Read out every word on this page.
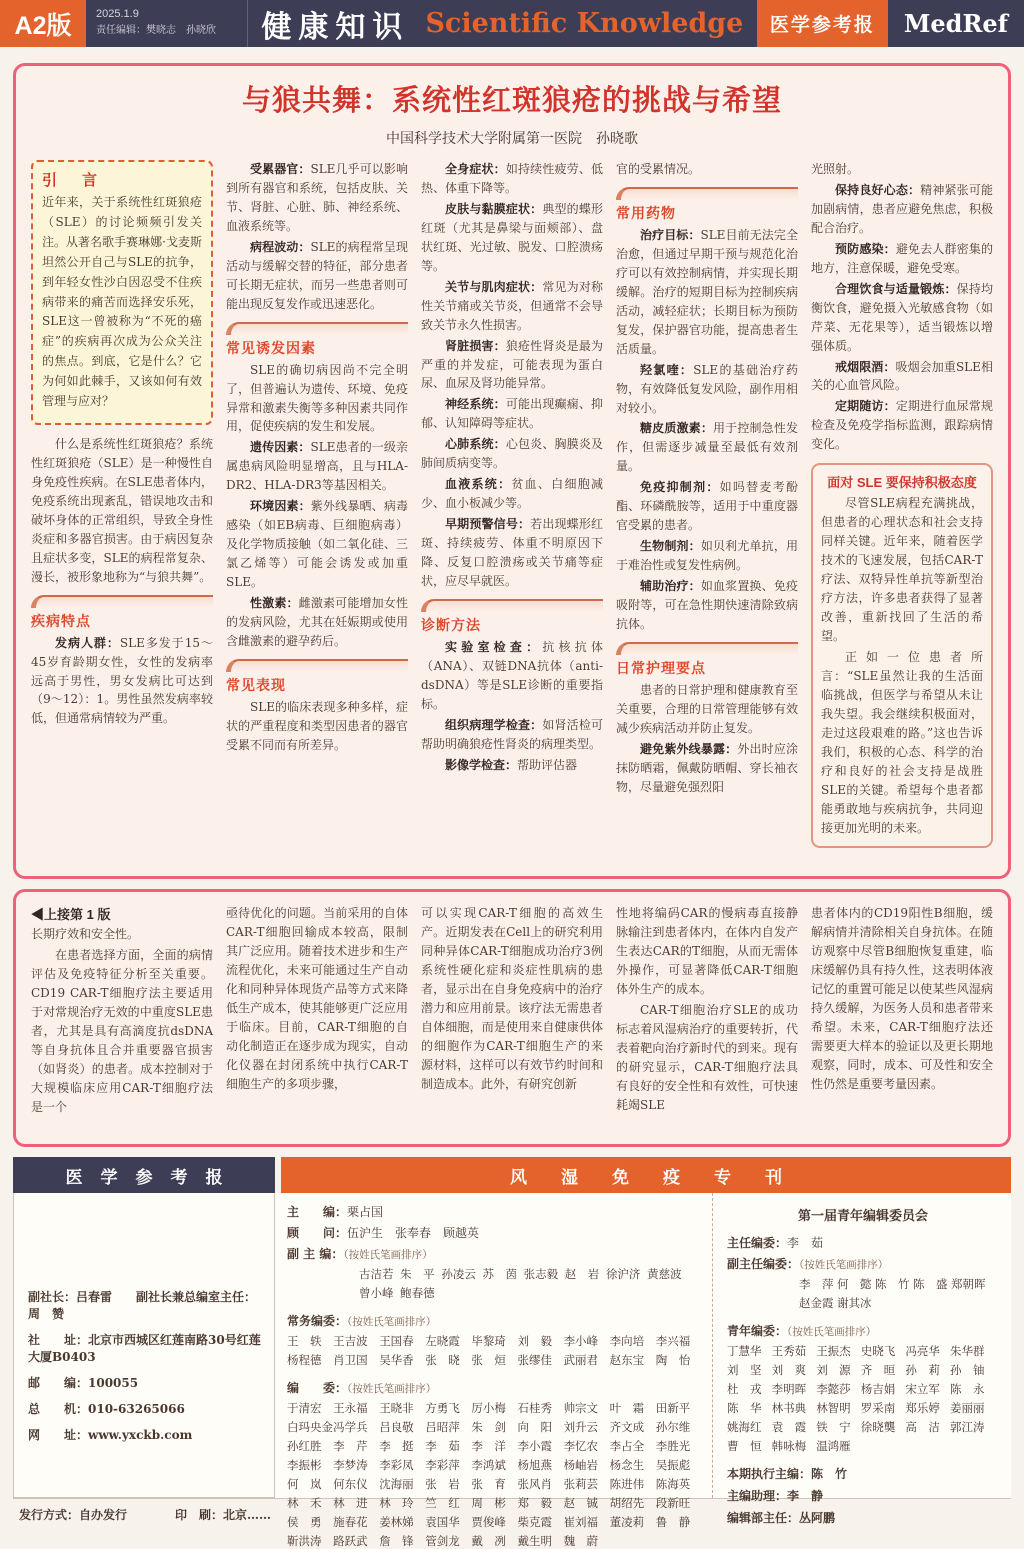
A2版	2025.1.9
责任编辑：樊晓志　孙晓欣	健康知识 Scientific Knowledge	医学参考报	MedRef
与狼共舞：系统性红斑狼疮的挑战与希望
中国科学技术大学附属第一医院　孙晓歌
引　言

近年来，关于系统性红斑狼疮（SLE）的讨论频频引发关注。从著名歌手赛琳娜·戈麦斯坦然公开自己与SLE的抗争，到年轻女性沙白因忍受不住疾病带来的痛苦而选择安乐死，SLE这一曾被称为“不死的癌症”的疾病再次成为公众关注的焦点。到底，它是什么？它为何如此棘手，又该如何有效管理与应对？

什么是系统性红斑狼疮？系统性红斑狼疮（SLE）是一种慢性自身免疫性疾病。在SLE患者体内，免疫系统出现紊乱，错误地攻击和破坏身体的正常组织，导致全身性炎症和多器官损害。由于病因复杂且症状多变，SLE的病程常复杂、漫长，被形象地称为“与狼共舞”。

疾病特点

发病人群：SLE多发于15～45岁育龄期女性，女性的发病率远高于男性，男女发病比可达到（9～12）：1。男性虽然发病率较低，但通常病情较为严重。

受累器官：SLE几乎可以影响到所有器官和系统，包括皮肤、关节、肾脏、心脏、肺、神经系统、血液系统等。

病程波动：SLE的病程常呈现活动与缓解交替的特征，部分患者可长期无症状，而另一些患者则可能出现反复发作或迅速恶化。

常见诱发因素

SLE的确切病因尚不完全明了，但普遍认为遗传、环境、免疫异常和激素失衡等多种因素共同作用，促使疾病的发生和发展。

遗传因素：SLE患者的一级亲属患病风险明显增高，且与HLA-DR2、HLA-DR3等基因相关。

环境因素：紫外线暴晒、病毒感染（如EB病毒、巨细胞病毒）及化学物质接触（如二氧化硅、三氯乙烯等）可能会诱发或加重SLE。

性激素：雌激素可能增加女性的发病风险，尤其在妊娠期或使用含雌激素的避孕药后。

常见表现

SLE的临床表现多种多样，症状的严重程度和类型因患者的器官受累不同而有所差异。

全身症状：如持续性疲劳、低热、体重下降等。

皮肤与黏膜症状：典型的蝶形红斑（尤其是鼻梁与面颊部）、盘状红斑、光过敏、脱发、口腔溃疡等。

关节与肌肉症状：常见为对称性关节痛或关节炎，但通常不会导致关节永久性损害。

肾脏损害：狼疮性肾炎是最为严重的并发症，可能表现为蛋白尿、血尿及肾功能异常。

神经系统：可能出现癫痫、抑郁、认知障碍等症状。

心肺系统：心包炎、胸膜炎及肺间质病变等。

血液系统：贫血、白细胞减少、血小板减少等。

早期预警信号：若出现蝶形红斑、持续疲劳、体重不明原因下降、反复口腔溃疡或关节痛等症状，应尽早就医。

诊断方法

实验室检查：抗核抗体（ANA）、双链DNA抗体（anti-dsDNA）等是SLE诊断的重要指标。

组织病理学检查：如肾活检可帮助明确狼疮性肾炎的病理类型。

影像学检查：帮助评估器

官的受累情况。

常用药物

治疗目标：SLE目前无法完全治愈，但通过早期干预与规范化治疗可以有效控制病情，并实现长期缓解。治疗的短期目标为控制疾病活动，减轻症状；长期目标为预防复发，保护器官功能，提高患者生活质量。

羟氯喹：SLE的基础治疗药物，有效降低复发风险，副作用相对较小。

糖皮质激素：用于控制急性发作，但需逐步减量至最低有效剂量。

免疫抑制剂：如吗替麦考酚酯、环磷酰胺等，适用于中重度器官受累的患者。

生物制剂：如贝利尤单抗，用于难治性或复发性病例。

辅助治疗：如血浆置换、免疫吸附等，可在急性期快速清除致病抗体。

日常护理要点

患者的日常护理和健康教育至关重要，合理的日常管理能够有效减少疾病活动并防止复发。

避免紫外线暴露：外出时应涂抹防晒霜，佩戴防晒帽、穿长袖衣物，尽量避免强烈阳

光照射。

保持良好心态：精神紧张可能加剧病情，患者应避免焦虑，积极配合治疗。

预防感染：避免去人群密集的地方，注意保暖，避免受寒。

合理饮食与适量锻炼：保持均衡饮食，避免摄入光敏感食物（如芹菜、无花果等），适当锻炼以增强体质。

戒烟限酒：吸烟会加重SLE相关的心血管风险。

定期随访：定期进行血尿常规检查及免疫学指标监测，跟踪病情变化。

面对 SLE 要保持积极态度

尽管SLE病程充满挑战，但患者的心理状态和社会支持同样关键。近年来，随着医学技术的飞速发展，包括CAR-T疗法、双特异性单抗等新型治疗方法，许多患者获得了显著改善，重新找回了生活的希望。

正如一位患者所言：“SLE虽然让我的生活面临挑战，但医学与希望从未让我失望。我会继续积极面对，走过这段艰难的路。”这也告诉我们，积极的心态、科学的治疗和良好的社会支持是战胜SLE的关键。希望每个患者都能勇敢地与疾病抗争，共同迎接更加光明的未来。

◀上接第 1 版

长期疗效和安全性。

在患者选择方面，全面的病情评估及免疫特征分析至关重要。CD19 CAR-T细胞疗法主要适用于对常规治疗无效的中重度SLE患者，尤其是具有高滴度抗dsDNA等自身抗体且合并重要器官损害（如肾炎）的患者。成本控制对于大规模临床应用CAR-T细胞疗法是一个

亟待优化的问题。当前采用的自体CAR-T细胞回输成本较高，限制其广泛应用。随着技术进步和生产流程优化，未来可能通过生产自动化和同种异体现货产品等方式来降低生产成本，使其能够更广泛应用于临床。目前，CAR-T细胞的自动化制造正在逐步成为现实，自动化仪器在封闭系统中执行CAR-T细胞生产的多项步骤，

可以实现CAR-T细胞的高效生产。近期发表在Cell上的研究利用同种异体CAR-T细胞成功治疗3例系统性硬化症和炎症性肌病的患者，显示出在自身免疫病中的治疗潜力和应用前景。该疗法无需患者自体细胞，而是使用来自健康供体的细胞作为CAR-T细胞生产的来源材料，这样可以有效节约时间和制造成本。此外，有研究创新

性地将编码CAR的慢病毒直接静脉输注到患者体内，在体内自发产生表达CAR的T细胞，从而无需体外操作，可显著降低CAR-T细胞体外生产的成本。

CAR-T细胞治疗SLE的成功标志着风湿病治疗的重要转折，代表着靶向治疗新时代的到来。现有的研究显示，CAR-T细胞疗法具有良好的安全性和有效性，可快速耗竭SLE

患者体内的CD19阳性B细胞，缓解病情并清除相关自身抗体。在随访观察中尽管B细胞恢复重建，临床缓解仍具有持久性，这表明体液记忆的重置可能足以使某些风湿病持久缓解，为医务人员和患者带来希望。未来，CAR-T细胞疗法还需要更大样本的验证以及更长期地观察，同时，成本、可及性和安全性仍然是重要考量因素。

医学参考报	风湿免疫专刊
副社长：吕春雷　　副社长兼总编室主任：周　赞
社　　址：北京市西城区红莲南路30号红莲大厦B0403
邮　　编：100055
总　　机：010-63265066
网　　址：www.yxckb.com
主　　编：栗占国
顾　　问：伍沪生　张奉春　顾越英
副 主 编：（按姓氏笔画排序）
古洁若 朱　平 孙凌云 苏　茵 张志毅 赵　岩 徐沪济 黄慈波
曾小峰 鲍春德
常务编委：（按姓氏笔画排序）
王　轶	王吉波	王国春	左晓霞	毕黎琦	刘　毅	李小峰	李向培	李兴福
杨程德	肖卫国	吴华香	张　晓	张　烜	张缪佳	武丽君	赵东宝	陶　怡
编　　委：（按姓氏笔画排序）
于清宏	王永福	王晓非	方勇飞	厉小梅	石桂秀	帅宗文	叶　霜	田新平
白玛央金 冯学兵	吕良敬	吕昭萍	朱　剑	向　阳	刘升云	齐文成	孙尔维
孙红胜	李　芹	李　挺	李　茹	李　洋	李小霞	李忆农	李占全	李胜光
李振彬	李梦涛	李彩凤	李彩萍	李鸿斌	杨旭燕	杨岫岩	杨念生	吴振彪
何　岚	何东仪	沈海丽	张　岩	张　育	张风肖	张莉芸	陈进伟	陈海英
林　禾	林　进	林　玲	竺　红	周　彬	郑　毅	赵　铖	胡绍先	段新旺
侯　勇	施春花	姜林娣	袁国华	贾俊峰	柴克霞	崔刘福	董凌莉	鲁　静
靳洪涛	路跃武	詹　锋	管剑龙	戴　冽	戴生明	魏　蔚
第一届青年编辑委员会
主任编委：李　茹
副主任编委：（按姓氏笔画排序）
李　萍 何　懿 陈　竹 陈　盛 郑朝晖
赵金霞 谢其冰
青年编委：（按姓氏笔画排序）
丁慧华 王秀茹 王振杰 史晓飞 冯亮华 朱华群
刘　坚 刘　爽 刘　源 齐　晅 孙　莉 孙　铀
杜　戎 李明晖 李懿莎 杨吉娟 宋立军 陈　永
陈　华 林书典 林智明 罗采南 郑乐婷 姜丽丽
姚海红 袁　霞 铁　宁 徐晓龑 高　洁 郭江涛
曹　恒 韩咏梅 温鸿雁
本期执行主编：陈　竹
主编助理：李　静
编辑部主任：丛阿鹏
发行方式：自办发行　　　　印　刷：北京……
